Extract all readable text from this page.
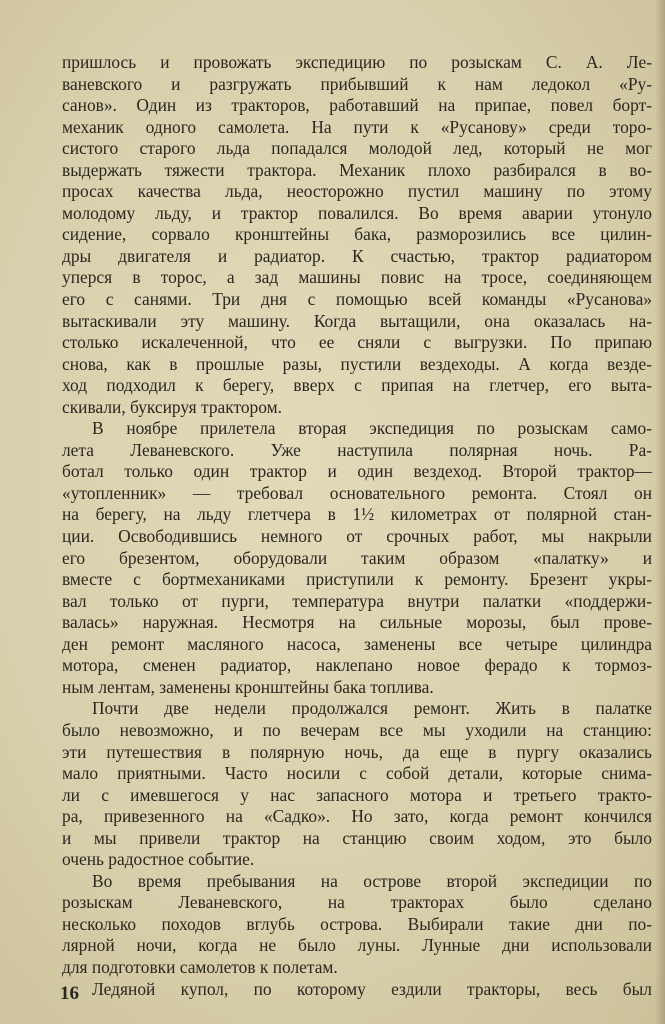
пришлось и провожать экспедицию по розыскам С. А. Ле-
ваневского и разгружать прибывший к нам ледокол «Ру-
санов». Один из тракторов, работавший на припае, повел борт-
механик одного самолета. На пути к «Русанову» среди торо-
систого старого льда попадался молодой лед, который не мог
выдержать тяжести трактора. Механик плохо разбирался в во-
просах качества льда, неосторожно пустил машину по этому
молодому льду, и трактор повалился. Во время аварии утонуло
сидение, сорвало кронштейны бака, разморозились все цилин-
дры двигателя и радиатор. К счастью, трактор радиатором
уперся в торос, а зад машины повис на тросе, соединяющем
его с санями. Три дня с помощью всей команды «Русанова»
вытаскивали эту машину. Когда вытащили, она оказалась на-
столько искалеченной, что ее сняли с выгрузки. По припаю
снова, как в прошлые разы, пустили вездеходы. А когда везде-
ход подходил к берегу, вверх с припая на глетчер, его выта-
скивали, буксируя трактором.
В ноябре прилетела вторая экспедиция по розыскам само-
лета Леваневского. Уже наступила полярная ночь. Ра-
ботал только один трактор и один вездеход. Второй трактор—
«утопленник» — требовал основательного ремонта. Стоял он
на берегу, на льду глетчера в 1½ километрах от полярной стан-
ции. Освободившись немного от срочных работ, мы накрыли
его брезентом, оборудовали таким образом «палатку» и
вместе с бортмеханиками приступили к ремонту. Брезент укры-
вал только от пурги, температура внутри палатки «поддержи-
валась» наружная. Несмотря на сильные морозы, был прове-
ден ремонт масляного насоса, заменены все четыре цилиндра
мотора, сменен радиатор, наклепано новое ферадо к тормоз-
ным лентам, заменены кронштейны бака топлива.
Почти две недели продолжался ремонт. Жить в палатке
было невозможно, и по вечерам все мы уходили на станцию:
эти путешествия в полярную ночь, да еще в пургу оказались
мало приятными. Часто носили с собой детали, которые снима-
ли с имевшегося у нас запасного мотора и третьего тракто-
ра, привезенного на «Садко». Но зато, когда ремонт кончился
и мы привели трактор на станцию своим ходом, это было
очень радостное событие.
Во время пребывания на острове второй экспедиции по
розыскам Леваневского, на тракторах было сделано
несколько походов вглубь острова. Выбирали такие дни по-
лярной ночи, когда не было луны. Лунные дни использовали
для подготовки самолетов к полетам.
Ледяной купол, по которому ездили тракторы, весь был
16
